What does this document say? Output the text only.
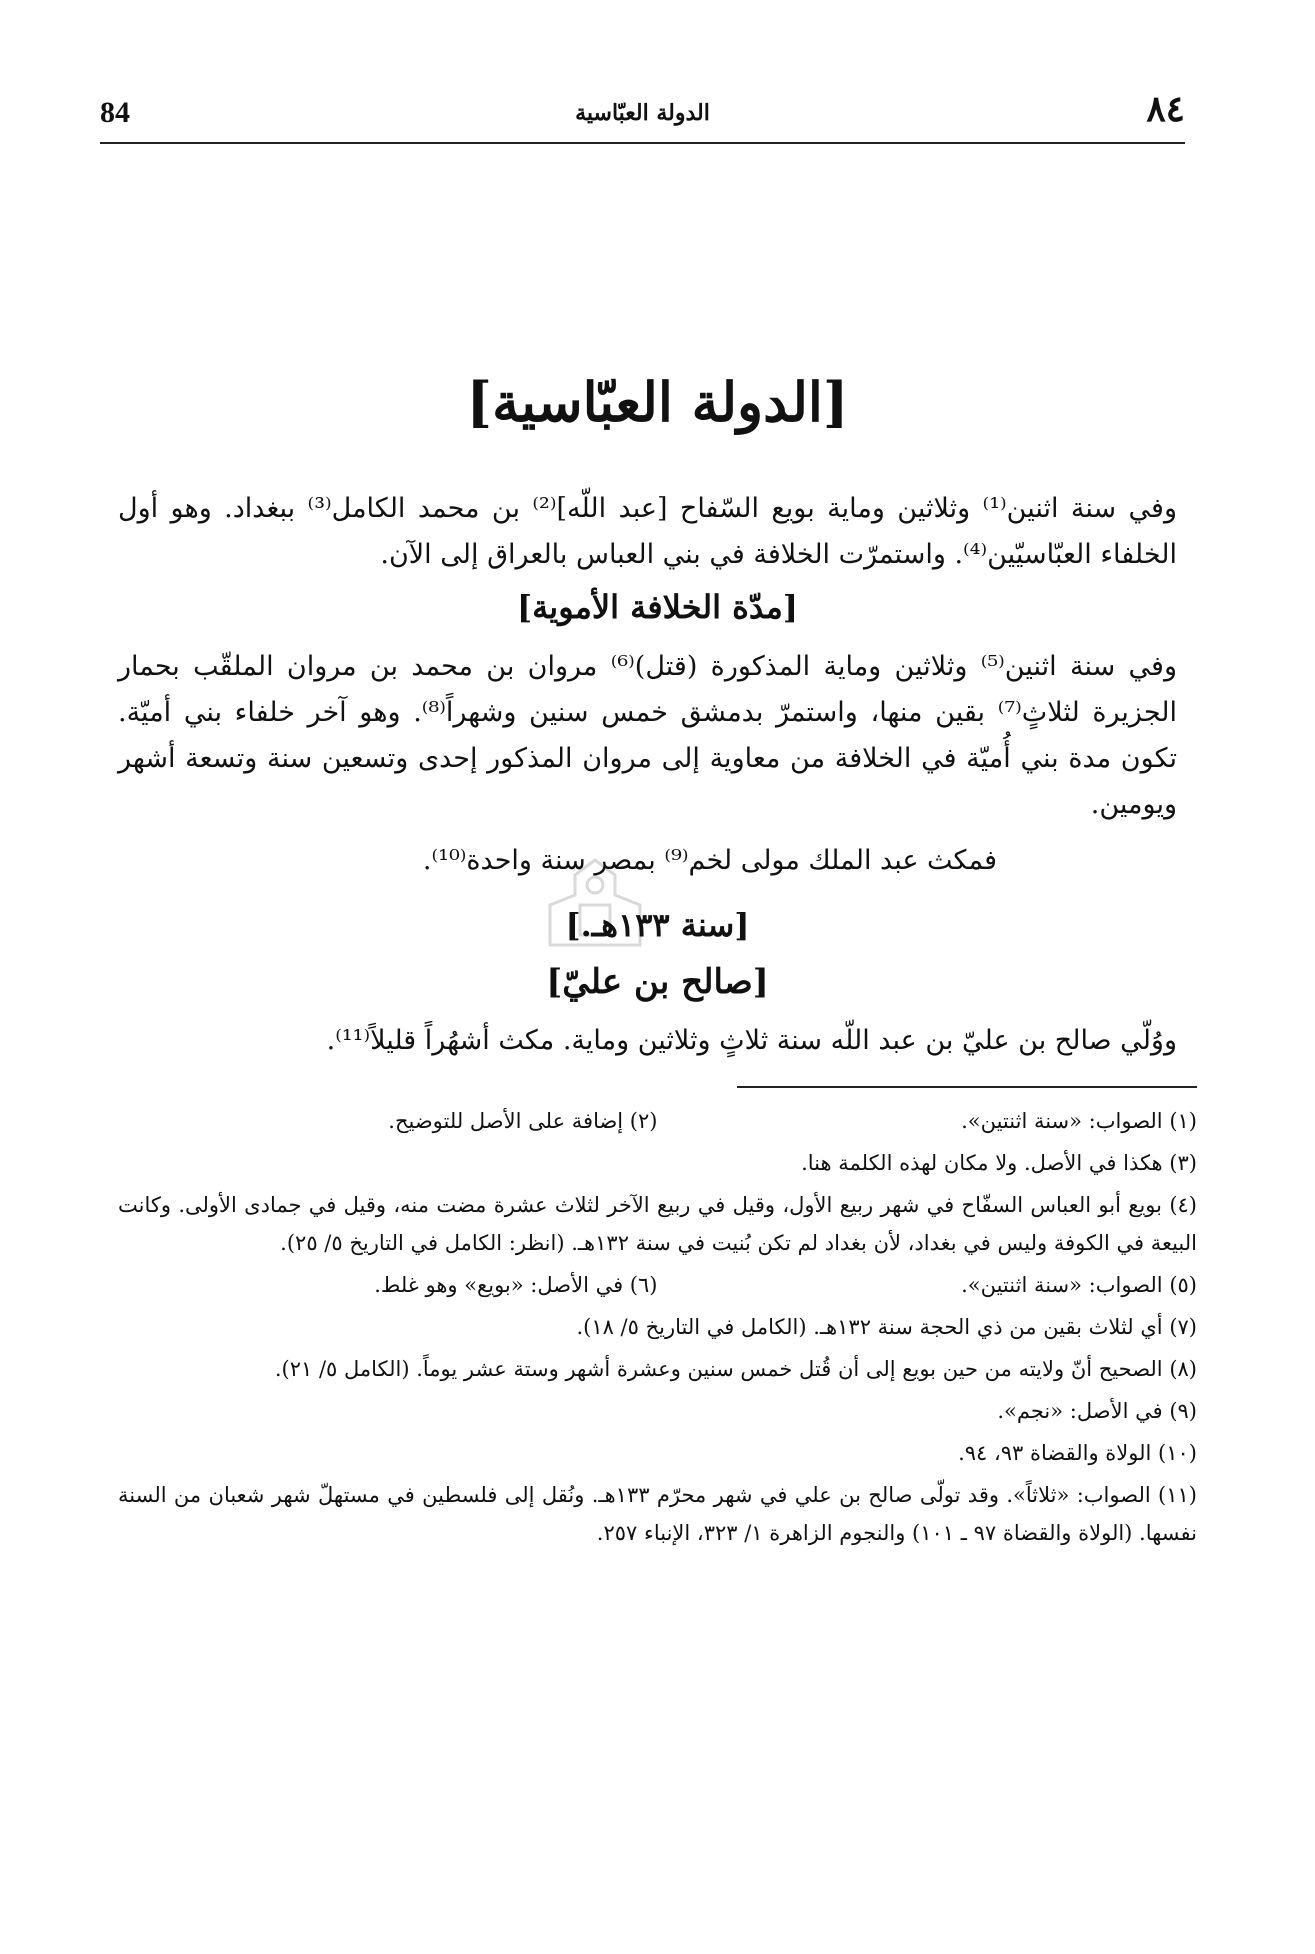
84	الدولة العبّاسية	٨٤
[الدولة العبّاسية]

وفي سنة اثنين⁽¹⁾ وثلاثين وماية بويع السّفاح [عبد اللّه]⁽²⁾ بن محمد الكامل⁽³⁾ ببغداد. وهو أول الخلفاء العبّاسيّين⁽⁴⁾. واستمرّت الخلافة في بني العباس بالعراق إلى الآن.

[مدّة الخلافة الأموية]

وفي سنة اثنين⁽⁵⁾ وثلاثين وماية المذكورة (قتل)⁽⁶⁾ مروان بن محمد بن مروان الملقّب بحمار الجزيرة لثلاثٍ⁽⁷⁾ بقين منها، واستمرّ بدمشق خمس سنين وشهراً⁽⁸⁾. وهو آخر خلفاء بني أميّة. تكون مدة بني أُميّة في الخلافة من معاوية إلى مروان المذكور إحدى وتسعين سنة وتسعة أشهر ويومين.

فمكث عبد الملك مولى لخم⁽⁹⁾ بمصر سنة واحدة⁽¹⁰⁾.

[سنة ١٣٣هـ.]
[صالح بن عليّ]

ووُلّي صالح بن عليّ بن عبد اللّه سنة ثلاثٍ وثلاثين وماية. مكث أشهُراً قليلاً⁽¹¹⁾.

(١) الصواب: «سنة اثنتين».
(٢) إضافة على الأصل للتوضيح.
(٣) هكذا في الأصل. ولا مكان لهذه الكلمة هنا.
(٤) بويع أبو العباس السفّاح في شهر ربيع الأول، وقيل في ربيع الآخر لثلاث عشرة مضت منه، وقيل في جمادى الأولى. وكانت البيعة في الكوفة وليس في بغداد، لأن بغداد لم تكن بُنيت في سنة ١٣٢هـ. (انظر: الكامل في التاريخ ٥/ ٢٥).
(٥) الصواب: «سنة اثنتين».
(٦) في الأصل: «بويع» وهو غلط.
(٧) أي لثلاث بقين من ذي الحجة سنة ١٣٢هـ. (الكامل في التاريخ ٥/ ١٨).
(٨) الصحيح أنّ ولايته من حين بويع إلى أن قُتل خمس سنين وعشرة أشهر وستة عشر يوماً. (الكامل ٥/ ٢١).
(٩) في الأصل: «نجم».
(١٠) الولاة والقضاة ٩٣، ٩٤.
(١١) الصواب: «ثلاثاً». وقد تولّى صالح بن علي في شهر محرّم ١٣٣هـ. ونُقل إلى فلسطين في مستهلّ شهر شعبان من السنة نفسها. (الولاة والقضاة ٩٧ ـ ١٠١) والنجوم الزاهرة ١/ ٣٢٣، الإنباء ٢٥٧.
